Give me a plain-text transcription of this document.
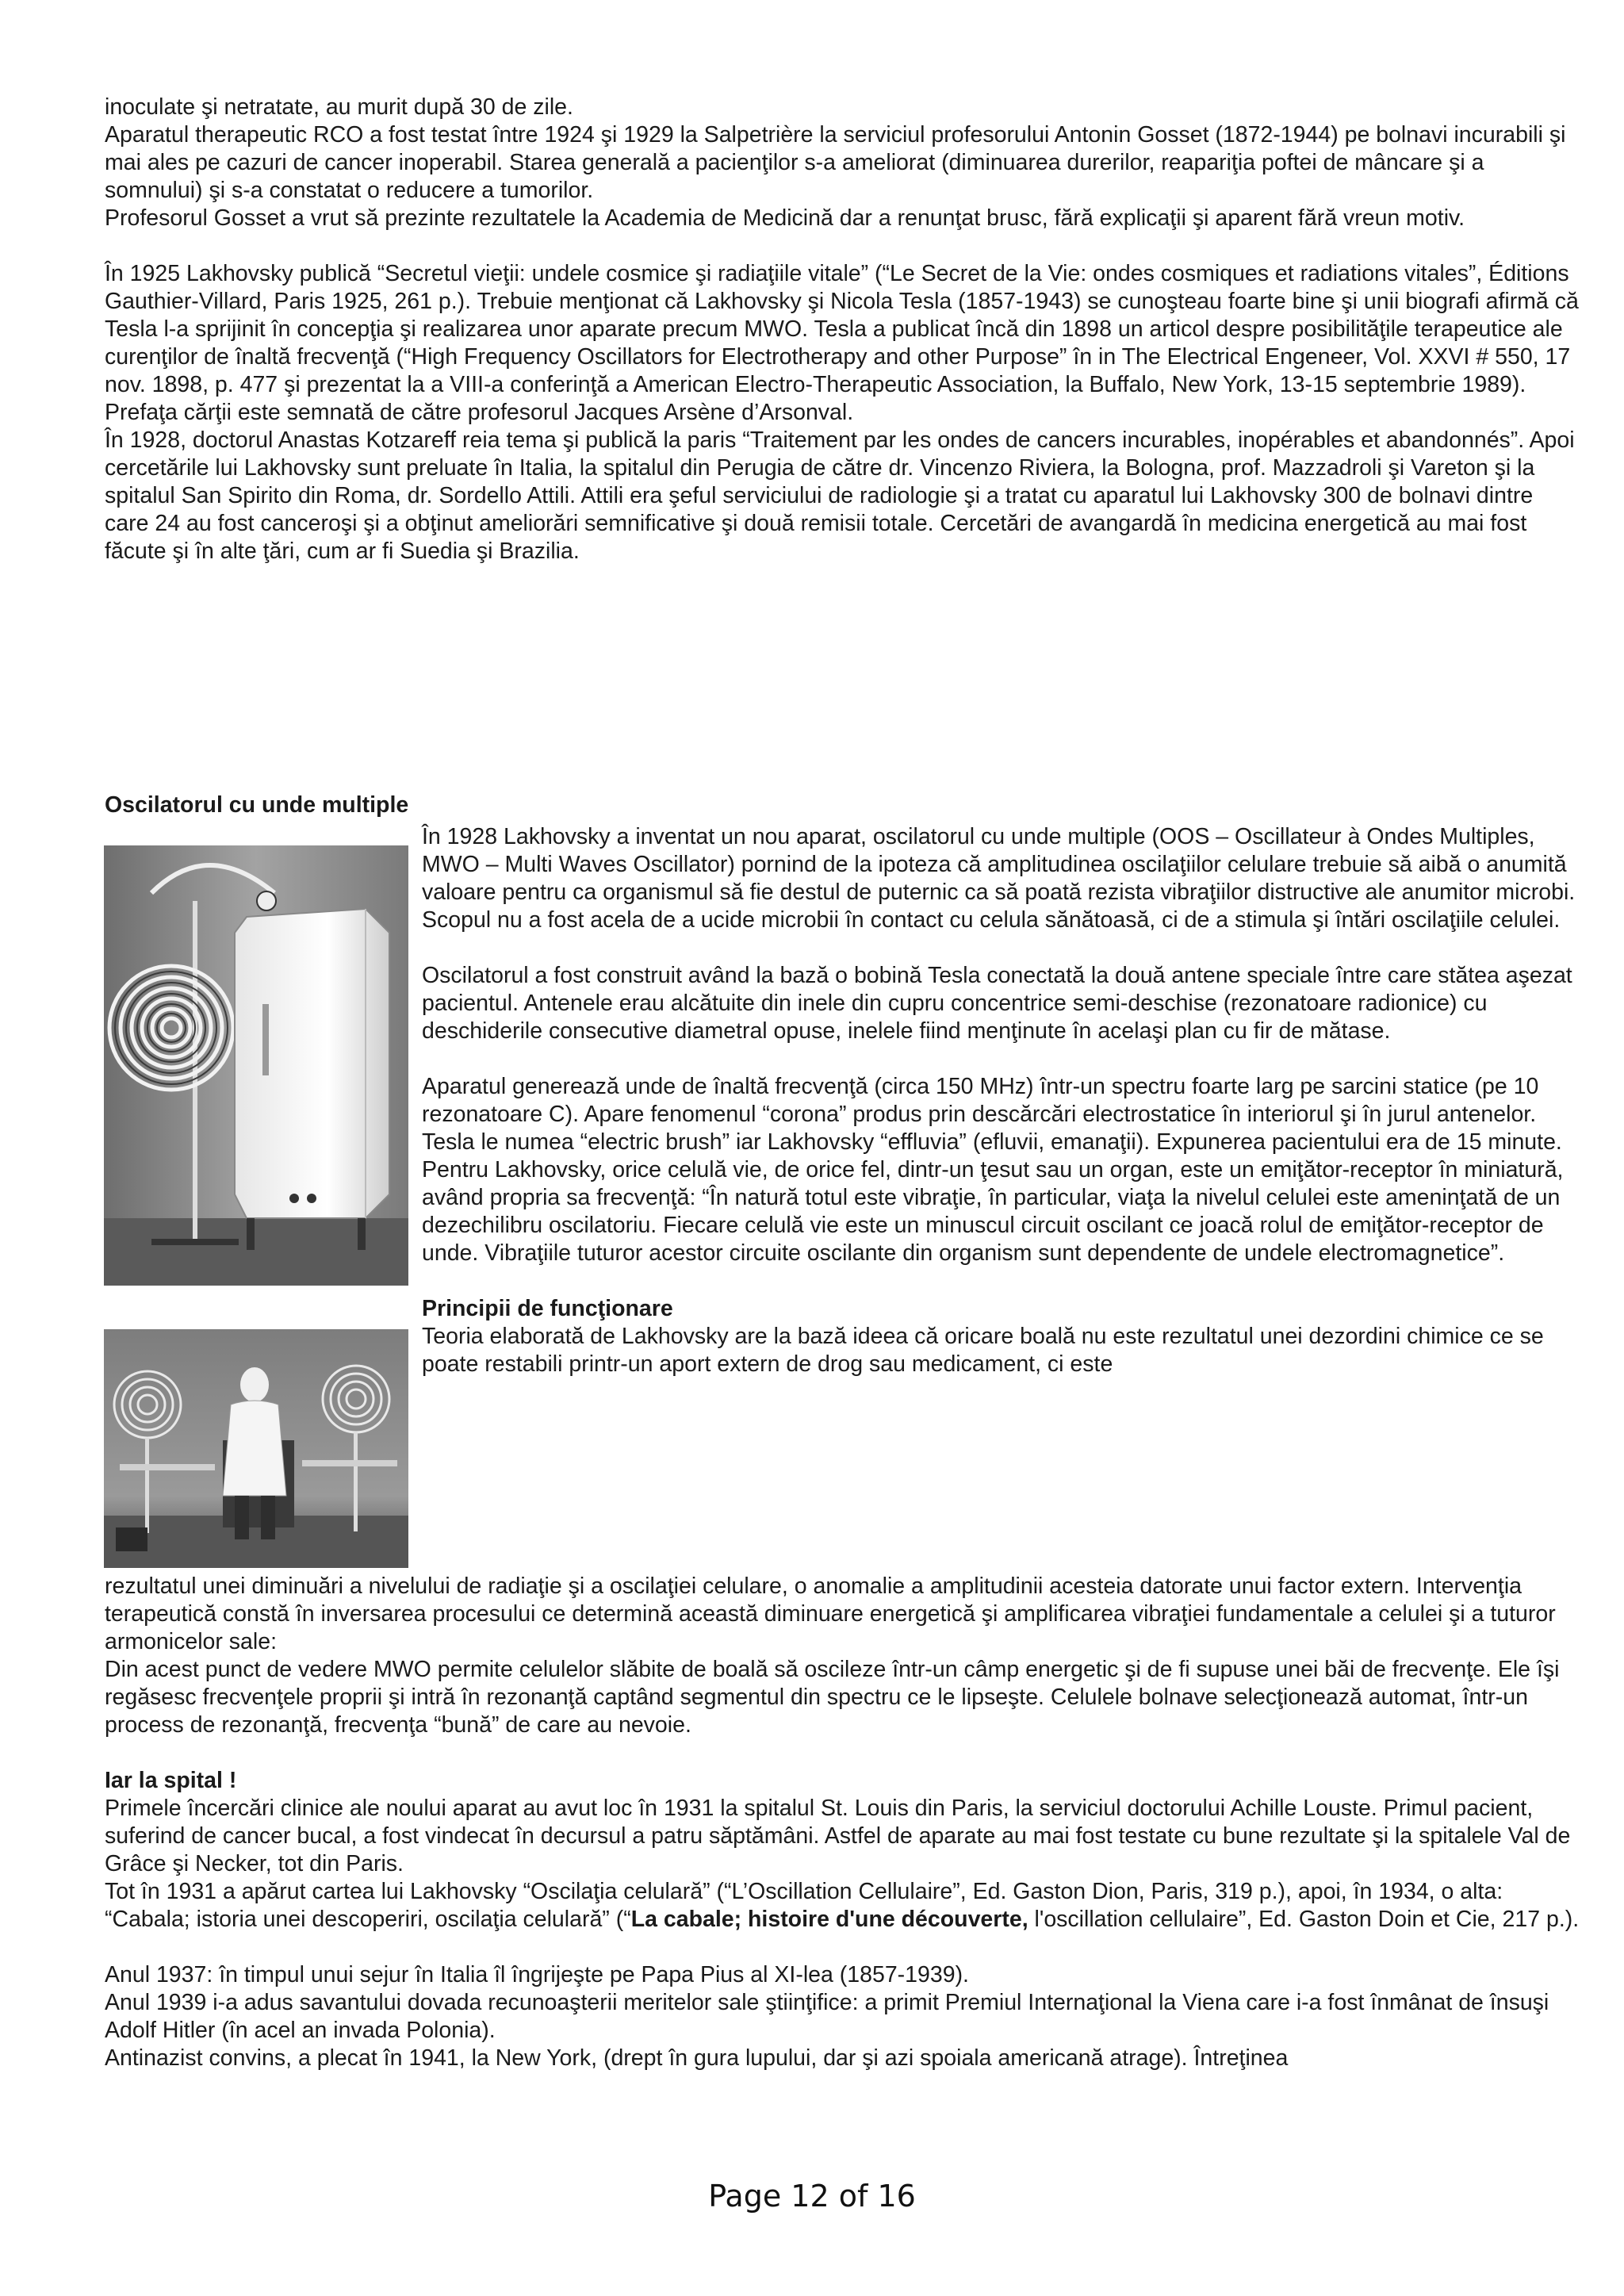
inoculate şi netratate, au murit după 30 de zile.

Aparatul therapeutic RCO a fost testat între 1924 şi 1929 la Salpetrière la serviciul profesorului Antonin Gosset (1872-1944) pe bolnavi incurabili şi mai ales pe cazuri de cancer inoperabil. Starea generală a pacienţilor s-a ameliorat (diminuarea durerilor, reapariţia poftei de mâncare şi a somnului) şi s-a constatat o reducere a tumorilor.

Profesorul Gosset a vrut să prezinte rezultatele la Academia de Medicină dar a renunţat brusc, fără explicaţii şi aparent fără vreun motiv.

În 1925 Lakhovsky publică “Secretul vieţii: undele cosmice şi radiaţiile vitale” (“Le Secret de la Vie: ondes cosmiques et radiations vitales”, Éditions Gauthier-Villard, Paris 1925, 261 p.). Trebuie menţionat că Lakhovsky şi Nicola Tesla (1857-1943) se cunoşteau foarte bine şi unii biografi afirmă că Tesla l-a sprijinit în concepţia şi realizarea unor aparate precum MWO. Tesla a publicat încă din 1898 un articol despre posibilităţile terapeutice ale curenţilor de înaltă frecvenţă (“High Frequency Oscillators for Electrotherapy and other Purpose” în in The Electrical Engeneer, Vol. XXVI # 550, 17 nov. 1898, p. 477 şi prezentat la a VIII-a conferinţă a American Electro-Therapeutic Association, la Buffalo, New York, 13-15 septembrie 1989).

Prefaţa cărţii este semnată de către profesorul Jacques Arsène d’Arsonval.

În 1928, doctorul Anastas Kotzareff reia tema şi publică la paris “Traitement par les ondes de cancers incurables, inopérables et abandonnés”. Apoi cercetările lui Lakhovsky sunt preluate în Italia, la spitalul din Perugia de către dr. Vincenzo Riviera, la Bologna, prof. Mazzadroli şi Vareton şi la spitalul San Spirito din Roma, dr. Sordello Attili. Attili era şeful serviciului de radiologie şi a tratat cu aparatul lui Lakhovsky 300 de bolnavi dintre care 24 au fost canceroşi şi a obţinut ameliorări semnificative şi două remisii totale. Cercetări de avangardă în medicina energetică au mai fost făcute şi în alte ţări, cum ar fi Suedia şi Brazilia.

Oscilatorul cu unde multiple

În 1928 Lakhovsky a inventat un nou aparat, oscilatorul cu unde multiple (OOS – Oscillateur à Ondes Multiples, MWO – Multi Waves Oscillator) pornind de la ipoteza că amplitudinea oscilaţiilor celulare trebuie să aibă o anumită valoare pentru ca organismul să fie destul de puternic ca să poată rezista vibraţiilor distructive ale anumitor microbi. Scopul nu a fost acela de a ucide microbii în contact cu celula sănătoasă, ci de a stimula şi întări oscilaţiile celulei.

Oscilatorul a fost construit având la bază o bobină Tesla conectată la două antene speciale între care stătea aşezat pacientul. Antenele erau alcătuite din inele din cupru concentrice semi-deschise (rezonatoare radionice) cu deschiderile consecutive diametral opuse, inelele fiind menţinute în acelaşi plan cu fir de mătase.

Aparatul generează unde de înaltă frecvenţă (circa 150 MHz) într-un spectru foarte larg pe sarcini statice (pe 10 rezonatoare C). Apare fenomenul “corona” produs prin descărcări electrostatice în interiorul şi în jurul antenelor. Tesla le numea “electric brush” iar Lakhovsky “effluvia” (efluvii, emanaţii). Expunerea pacientului era de 15 minute.

Pentru Lakhovsky, orice celulă vie, de orice fel, dintr-un ţesut sau un organ, este un emiţător-receptor în miniatură, având propria sa frecvenţă: “În natură totul este vibraţie, în particular, viaţa la nivelul celulei este ameninţată de un dezechilibru oscilatoriu. Fiecare celulă vie este un minuscul circuit oscilant ce joacă rolul de emiţător-receptor de unde. Vibraţiile tuturor acestor circuite oscilante din organism sunt dependente de undele electromagnetice”.

Principii de funcţionare

Teoria elaborată de Lakhovsky are la bază ideea că oricare boală nu este rezultatul unei dezordini chimice ce se poate restabili printr-un aport extern de drog sau medicament, ci este

rezultatul unei diminuări a nivelului de radiaţie şi a oscilaţiei celulare, o anomalie a amplitudinii acesteia datorate unui factor extern. Intervenţia terapeutică constă în inversarea procesului ce determină această diminuare energetică şi amplificarea vibraţiei fundamentale a celulei şi a tuturor armonicelor sale:

Din acest punct de vedere MWO permite celulelor slăbite de boală să oscileze într-un câmp energetic şi de fi supuse unei băi de frecvenţe. Ele îşi regăsesc frecvenţele proprii şi intră în rezonanţă captând segmentul din spectru ce le lipseşte. Celulele bolnave selecţionează automat, într-un process de rezonanţă, frecvenţa “bună” de care au nevoie.

Iar la spital !

Primele încercări clinice ale noului aparat au avut loc în 1931 la spitalul St. Louis din Paris, la serviciul doctorului Achille Louste. Primul pacient, suferind de cancer bucal, a fost vindecat în decursul a patru săptămâni. Astfel de aparate au mai fost testate cu bune rezultate şi la spitalele Val de Grâce şi Necker, tot din Paris.

Tot în 1931 a apărut cartea lui Lakhovsky “Oscilaţia celulară” (“L’Oscillation Cellulaire”, Ed. Gaston Dion, Paris, 319 p.), apoi, în 1934, o alta: “Cabala; istoria unei descoperiri, oscilaţia celulară” (“La cabale; histoire d'une découverte, l'oscillation cellulaire”, Ed. Gaston Doin et Cie, 217 p.).

Anul 1937: în timpul unui sejur în Italia îl îngrijeşte pe Papa Pius al XI-lea (1857-1939).

Anul 1939 i-a adus savantului dovada recunoaşterii meritelor sale ştiinţifice: a primit Premiul Internaţional la Viena care i-a fost înmânat de însuşi Adolf Hitler (în acel an invada Polonia).

Antinazist convins, a plecat în 1941, la New York, (drept în gura lupului, dar şi azi spoiala americană atrage). Întreţinea

Page 12 of 16
